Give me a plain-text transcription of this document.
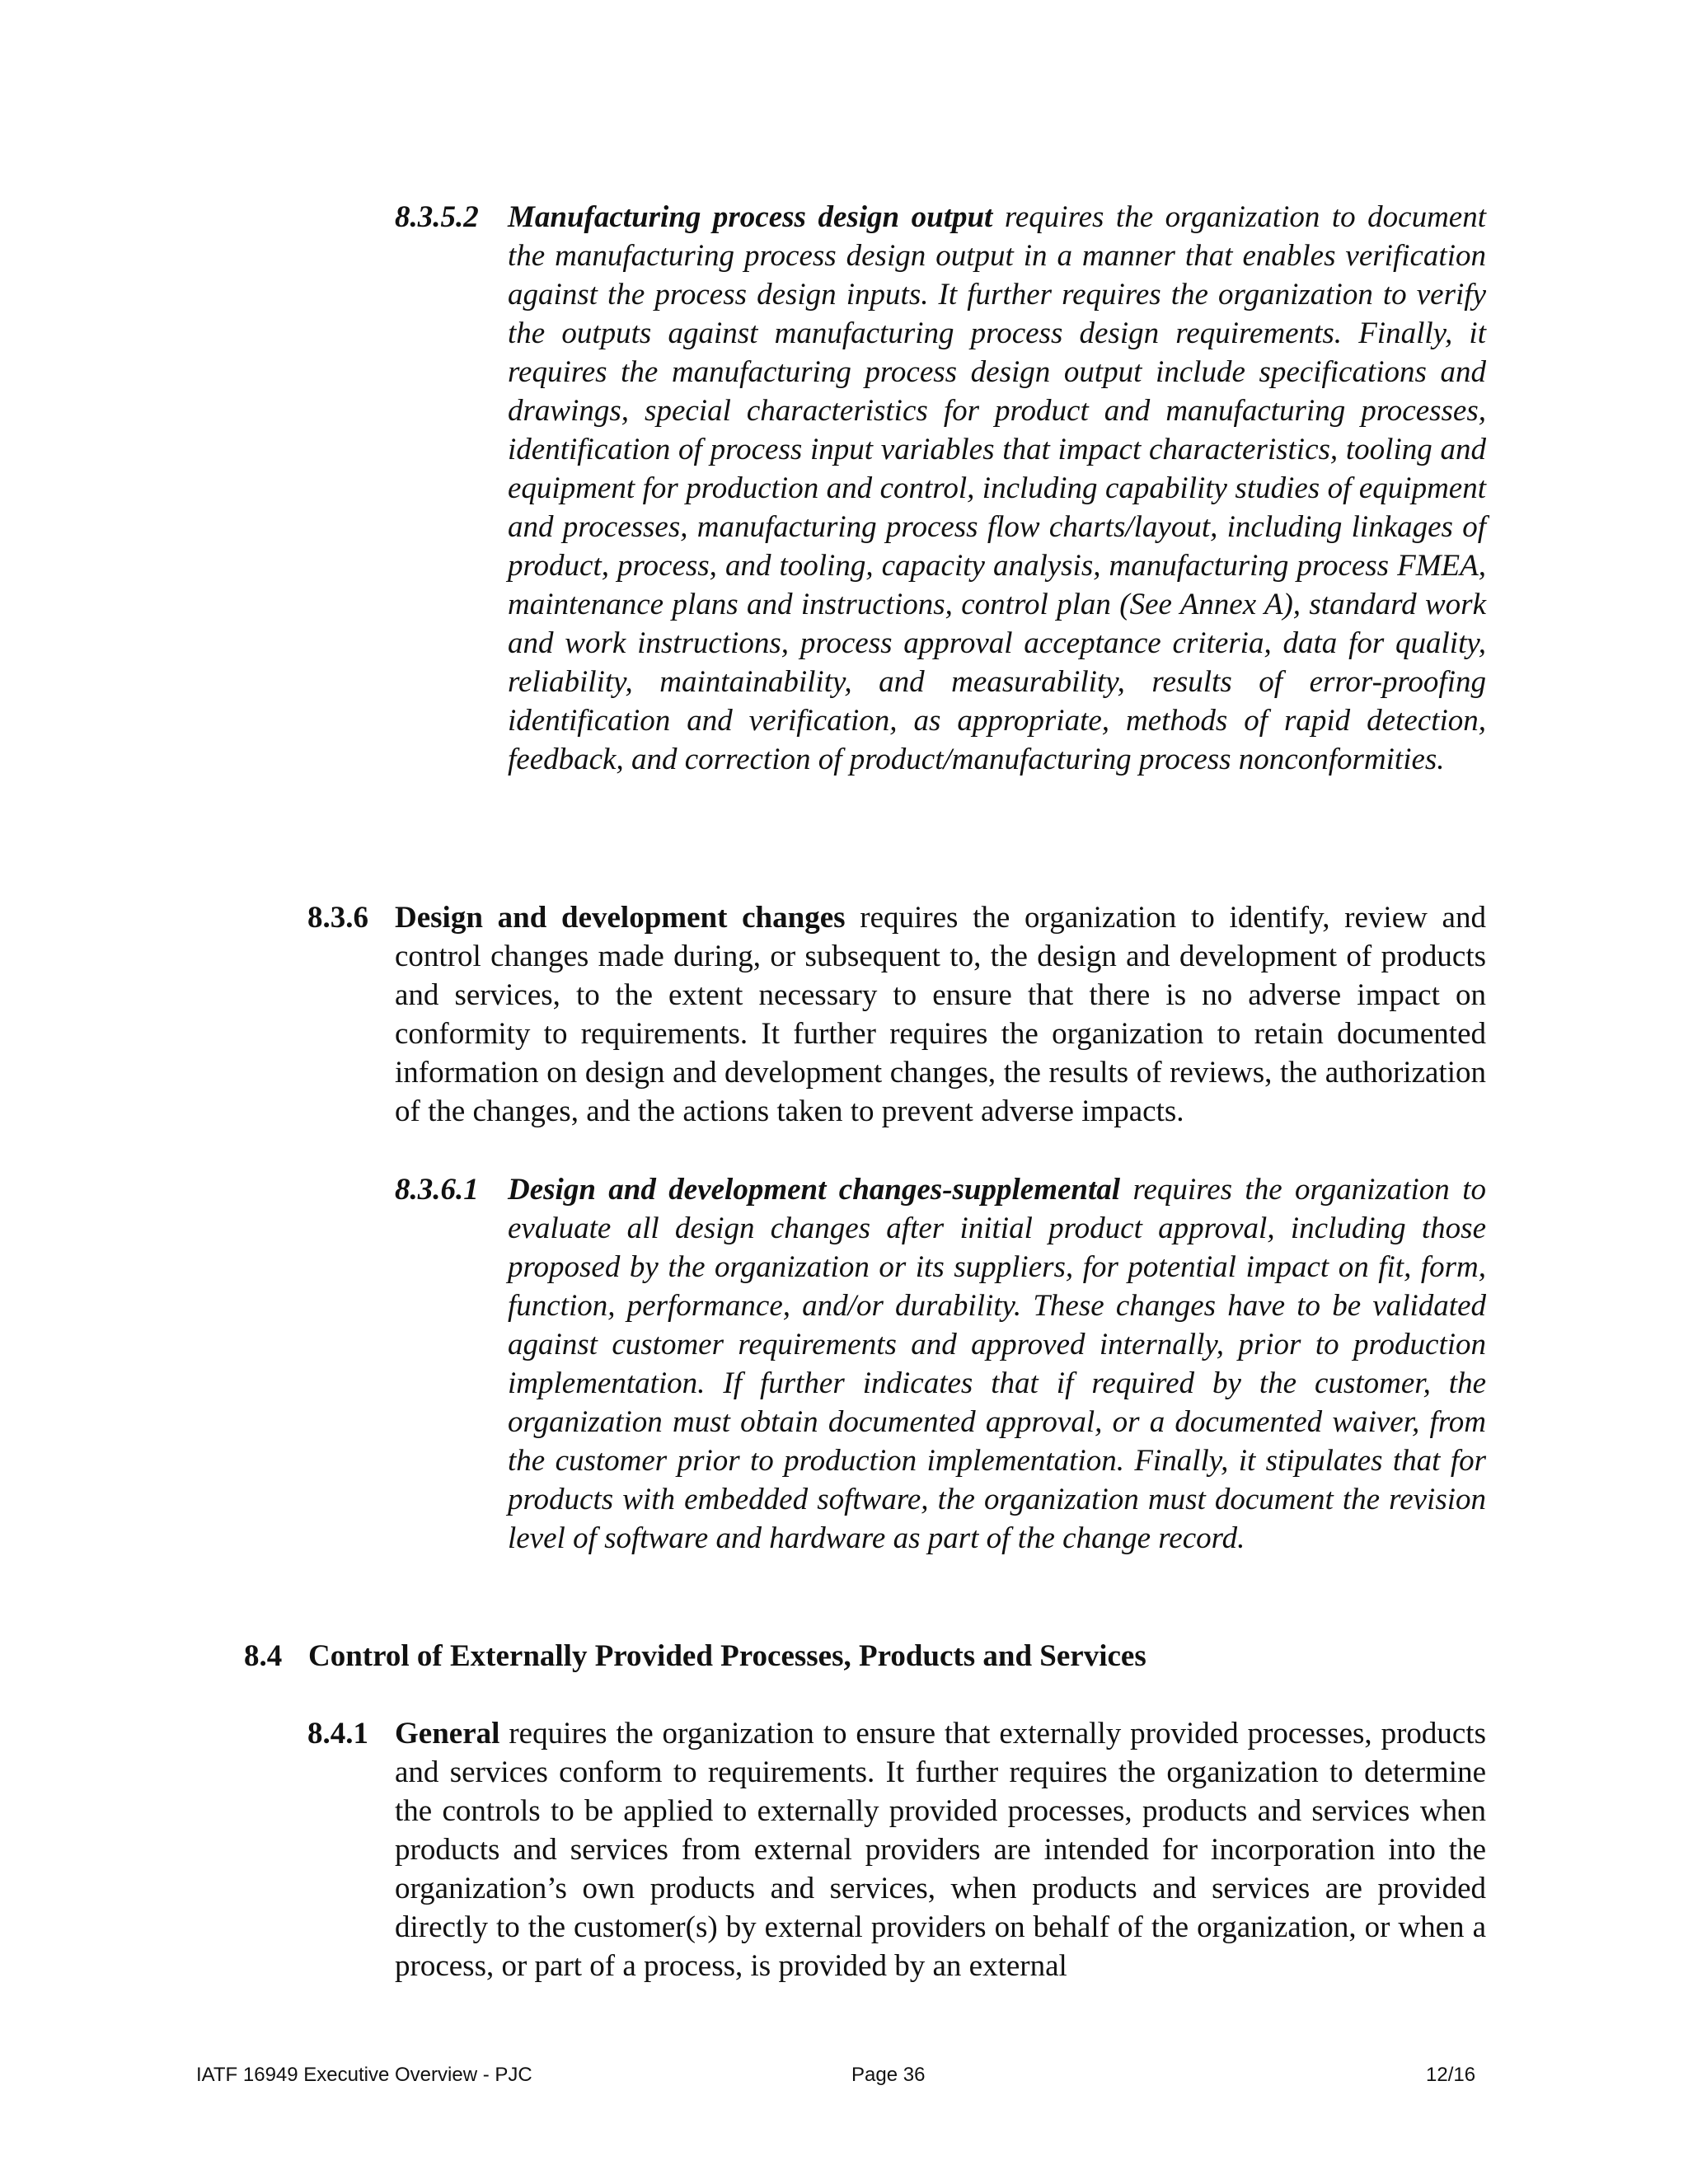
8.3.5.2 Manufacturing process design output requires the organization to document the manufacturing process design output in a manner that enables verification against the process design inputs. It further requires the organization to verify the outputs against manufacturing process design requirements. Finally, it requires the manufacturing process design output include specifications and drawings, special characteristics for product and manufacturing processes, identification of process input variables that impact characteristics, tooling and equipment for production and control, including capability studies of equipment and processes, manufacturing process flow charts/layout, including linkages of product, process, and tooling, capacity analysis, manufacturing process FMEA, maintenance plans and instructions, control plan (See Annex A), standard work and work instructions, process approval acceptance criteria, data for quality, reliability, maintainability, and measurability, results of error-proofing identification and verification, as appropriate, methods of rapid detection, feedback, and correction of product/manufacturing process nonconformities.
8.3.6 Design and development changes requires the organization to identify, review and control changes made during, or subsequent to, the design and development of products and services, to the extent necessary to ensure that there is no adverse impact on conformity to requirements. It further requires the organization to retain documented information on design and development changes, the results of reviews, the authorization of the changes, and the actions taken to prevent adverse impacts.
8.3.6.1 Design and development changes-supplemental requires the organization to evaluate all design changes after initial product approval, including those proposed by the organization or its suppliers, for potential impact on fit, form, function, performance, and/or durability. These changes have to be validated against customer requirements and approved internally, prior to production implementation. If further indicates that if required by the customer, the organization must obtain documented approval, or a documented waiver, from the customer prior to production implementation. Finally, it stipulates that for products with embedded software, the organization must document the revision level of software and hardware as part of the change record.
8.4 Control of Externally Provided Processes, Products and Services
8.4.1 General requires the organization to ensure that externally provided processes, products and services conform to requirements. It further requires the organization to determine the controls to be applied to externally provided processes, products and services when products and services from external providers are intended for incorporation into the organization’s own products and services, when products and services are provided directly to the customer(s) by external providers on behalf of the organization, or when a process, or part of a process, is provided by an external
IATF 16949 Executive Overview - PJC	Page 36	12/16
